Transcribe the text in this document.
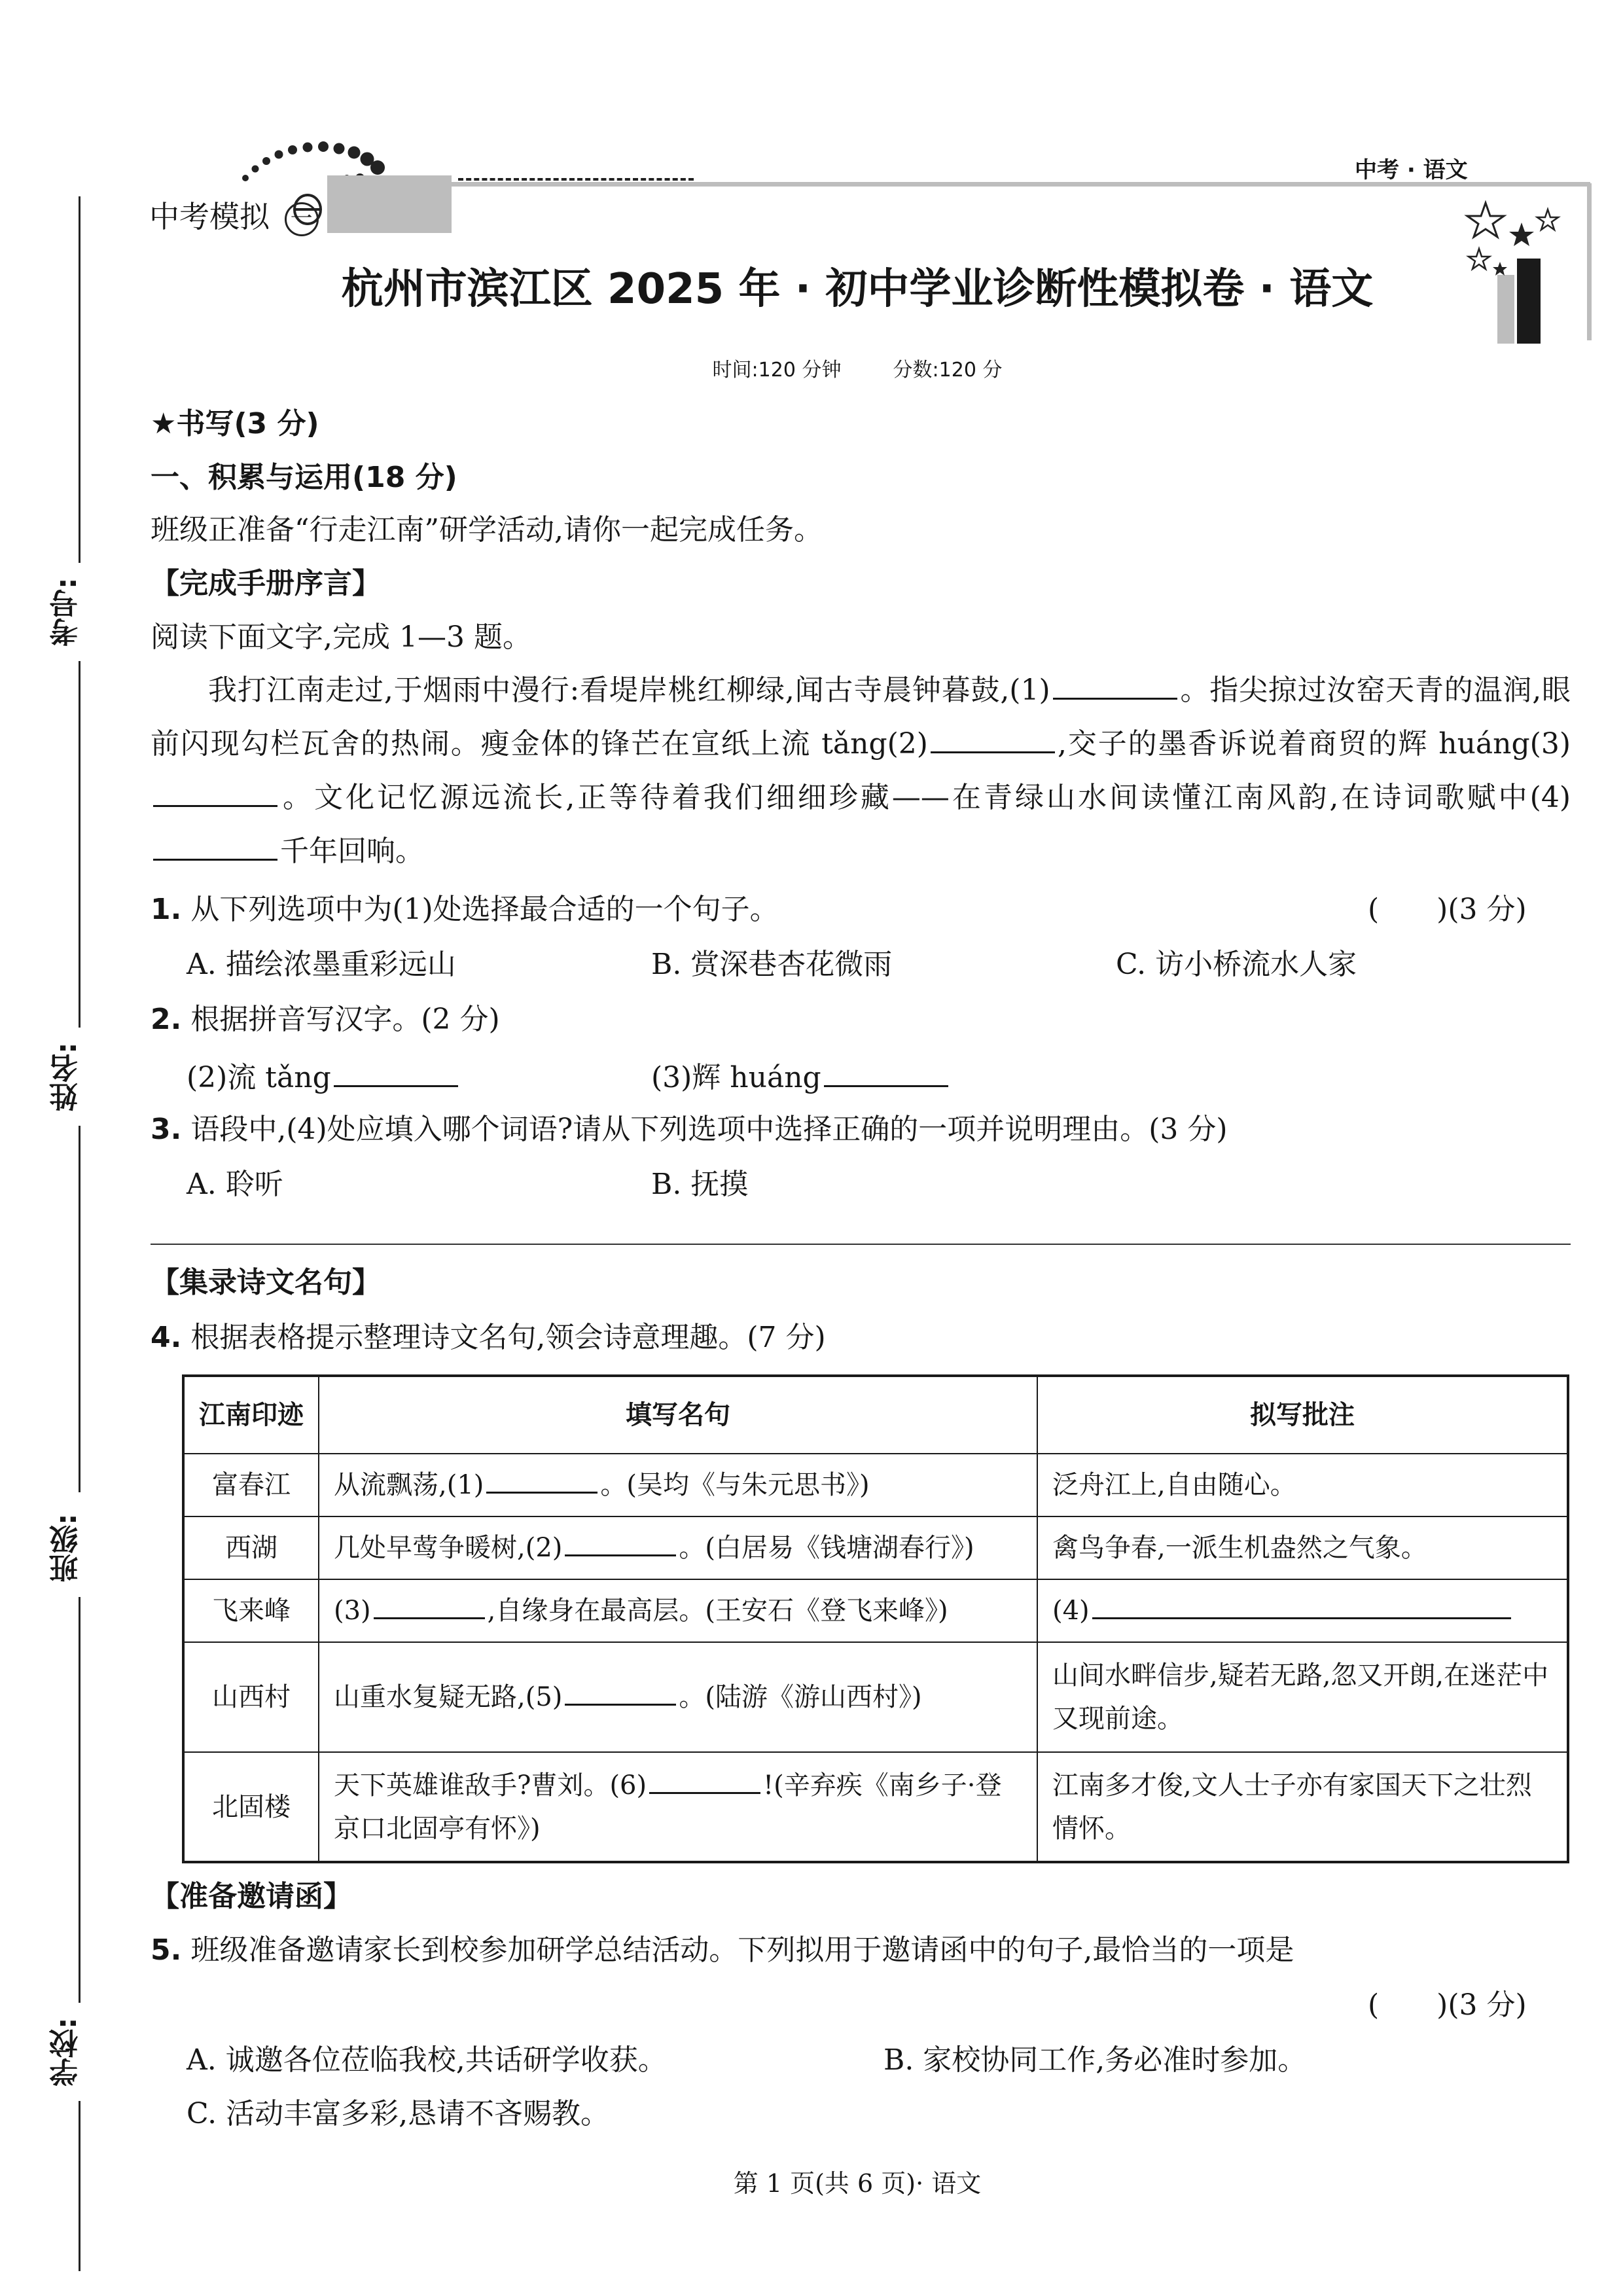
中考模拟 一
中考 · 语文
杭州市滨江区 2025 年 · 初中学业诊断性模拟卷 · 语文
时间:120 分钟	分数:120 分
考号:
姓名:
班级:
学校:
★书写(3 分)
一、积累与运用(18 分)
班级正准备“行走江南”研学活动,请你一起完成任务。
【完成手册序言】
阅读下面文字,完成 1—3 题。
我打江南走过,于烟雨中漫行:看堤岸桃红柳绿,闻古寺晨钟暮鼓,(1)	。指尖掠过汝窑天青的温润,眼前闪现勾栏瓦舍的热闹。瘦金体的锋芒在宣纸上流 tǎng(2)	,交子的墨香诉说着商贸的辉 huáng(3)。文化记忆源远流长,正等待着我们细细珍藏——在青绿山水间读懂江南风韵,在诗词歌赋中(4)千年回响。
1. 从下列选项中为(1)处选择最合适的一个句子。	(　　)(3 分)
A. 描绘浓墨重彩远山	B. 赏深巷杏花微雨	C. 访小桥流水人家
2. 根据拼音写汉字。(2 分)
(2)流 tǎng	(3)辉 huáng
3. 语段中,(4)处应填入哪个词语?请从下列选项中选择正确的一项并说明理由。(3 分)
A. 聆听	B. 抚摸
【集录诗文名句】
4. 根据表格提示整理诗文名句,领会诗意理趣。(7 分)
江南印迹	填写名句	拟写批注
富春江	从流飘荡,(1) 。(吴均《与朱元思书》)	泛舟江上,自由随心。
西湖	几处早莺争暖树,(2) 。(白居易《钱塘湖春行》)	禽鸟争春,一派生机盎然之气象。
飞来峰	(3) ,自缘身在最高层。(王安石《登飞来峰》)	(4)
山西村	山重水复疑无路,(5) 。(陆游《游山西村》)	山间水畔信步,疑若无路,忽又开朗,在迷茫中又现前途。
北固楼	天下英雄谁敌手?曹刘。(6) !(辛弃疾《南乡子·登京口北固亭有怀》)	江南多才俊,文人士子亦有家国天下之壮烈情怀。
【准备邀请函】
5. 班级准备邀请家长到校参加研学总结活动。下列拟用于邀请函中的句子,最恰当的一项是
(　　)(3 分)
A. 诚邀各位莅临我校,共话研学收获。	B. 家校协同工作,务必准时参加。
C. 活动丰富多彩,恳请不吝赐教。
第 1 页(共 6 页)· 语文
